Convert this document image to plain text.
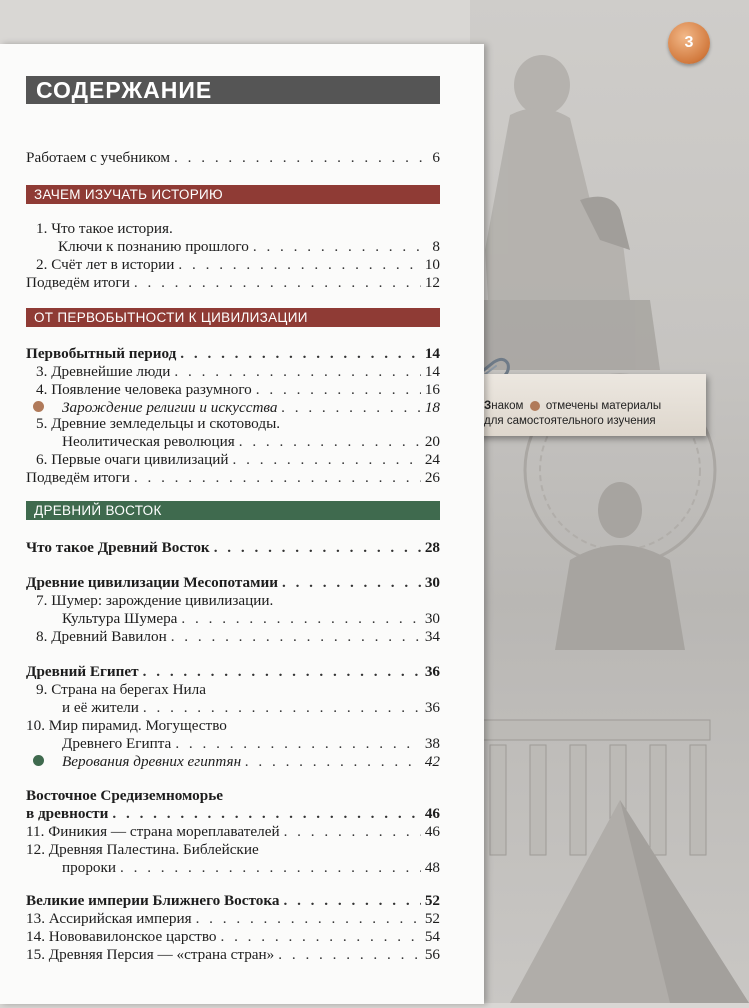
3
Знаком отмечены материалы
для самостоятельного изучения
СОДЕРЖАНИЕ
Работаем с учебником . . .	6
ЗАЧЕМ ИЗУЧАТЬ ИСТОРИЮ
1. Что такое история.
Ключи к познанию прошлого . . .	8
2. Счёт лет в истории . . .	10
Подведём итоги . . .	12
ОТ ПЕРВОБЫТНОСТИ К ЦИВИЛИЗАЦИИ
Первобытный период . . .	14
3. Древнейшие люди . . .	14
4. Появление человека разумного . . .	16
Зарождение религии и искусства . . .	18
5. Древние земледельцы и скотоводы.
Неолитическая революция . . .	20
6. Первые очаги цивилизаций . . .	24
Подведём итоги . . .	26
ДРЕВНИЙ ВОСТОК
Что такое Древний Восток . . .	28
Древние цивилизации Месопотамии . . .	30
7. Шумер: зарождение цивилизации.
Культура Шумера . . .	30
8. Древний Вавилон . . .	34
Древний Египет . . .	36
9. Страна на берегах Нила
и её жители . . .	36
10. Мир пирамид. Могущество
Древнего Египта . . .	38
Верования древних египтян . . .	42
Восточное Средиземноморье
в древности . . .	46
11. Финикия — страна мореплавателей . . .	46
12. Древняя Палестина. Библейские
пророки . . .	48
Великие империи Ближнего Востока . . .	52
13. Ассирийская империя . . .	52
14. Нововавилонское царство . . .	54
15. Древняя Персия — «страна стран» . . .	56
